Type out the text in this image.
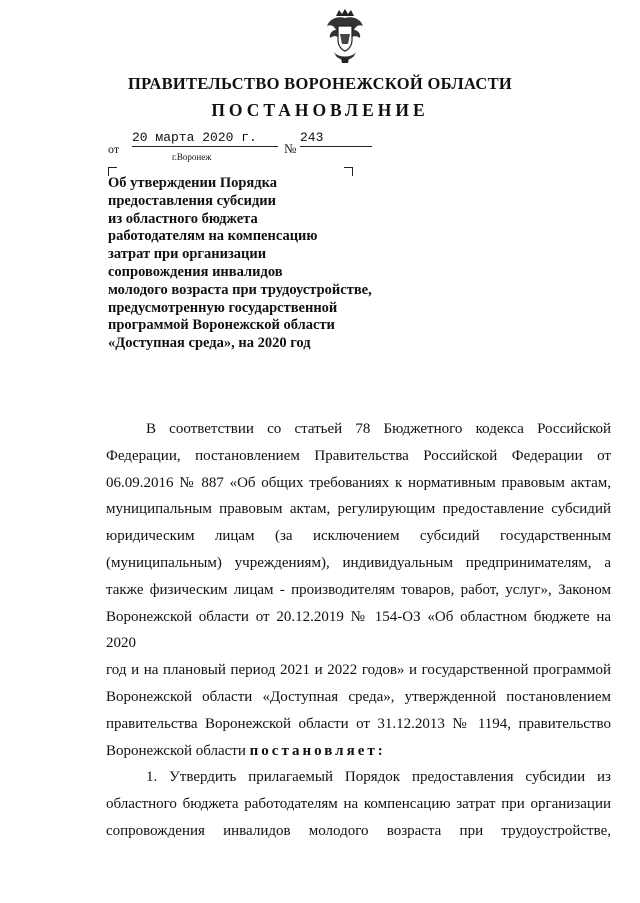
ПРАВИТЕЛЬСТВО ВОРОНЕЖСКОЙ ОБЛАСТИ
ПОСТАНОВЛЕНИЕ
от
20 марта 2020 г.
№
243
г.Воронеж
Об утверждении Порядка
предоставления субсидии
из областного бюджета
работодателям на компенсацию
затрат при организации
сопровождения инвалидов
молодого возраста при трудоустройстве,
предусмотренную государственной
программой Воронежской области
«Доступная среда», на 2020 год
В соответствии со статьей 78 Бюджетного кодекса Российской
Федерации, постановлением Правительства Российской Федерации от
06.09.2016 № 887 «Об общих требованиях к нормативным правовым актам,
муниципальным правовым актам, регулирующим предоставление субсидий
юридическим лицам (за исключением субсидий государственным
(муниципальным) учреждениям), индивидуальным предпринимателям, а
также физическим лицам - производителям товаров, работ, услуг», Законом
Воронежской области от 20.12.2019 № 154-ОЗ «Об областном бюджете на 2020
год и на плановый период 2021 и 2022 годов» и государственной программой
Воронежской области «Доступная среда», утвержденной постановлением
правительства Воронежской области от 31.12.2013 № 1194, правительство
Воронежской области постановляет:
1. Утвердить прилагаемый Порядок предоставления субсидии из
областного бюджета работодателям на компенсацию затрат при организации
сопровождения инвалидов молодого возраста при трудоустройстве,
